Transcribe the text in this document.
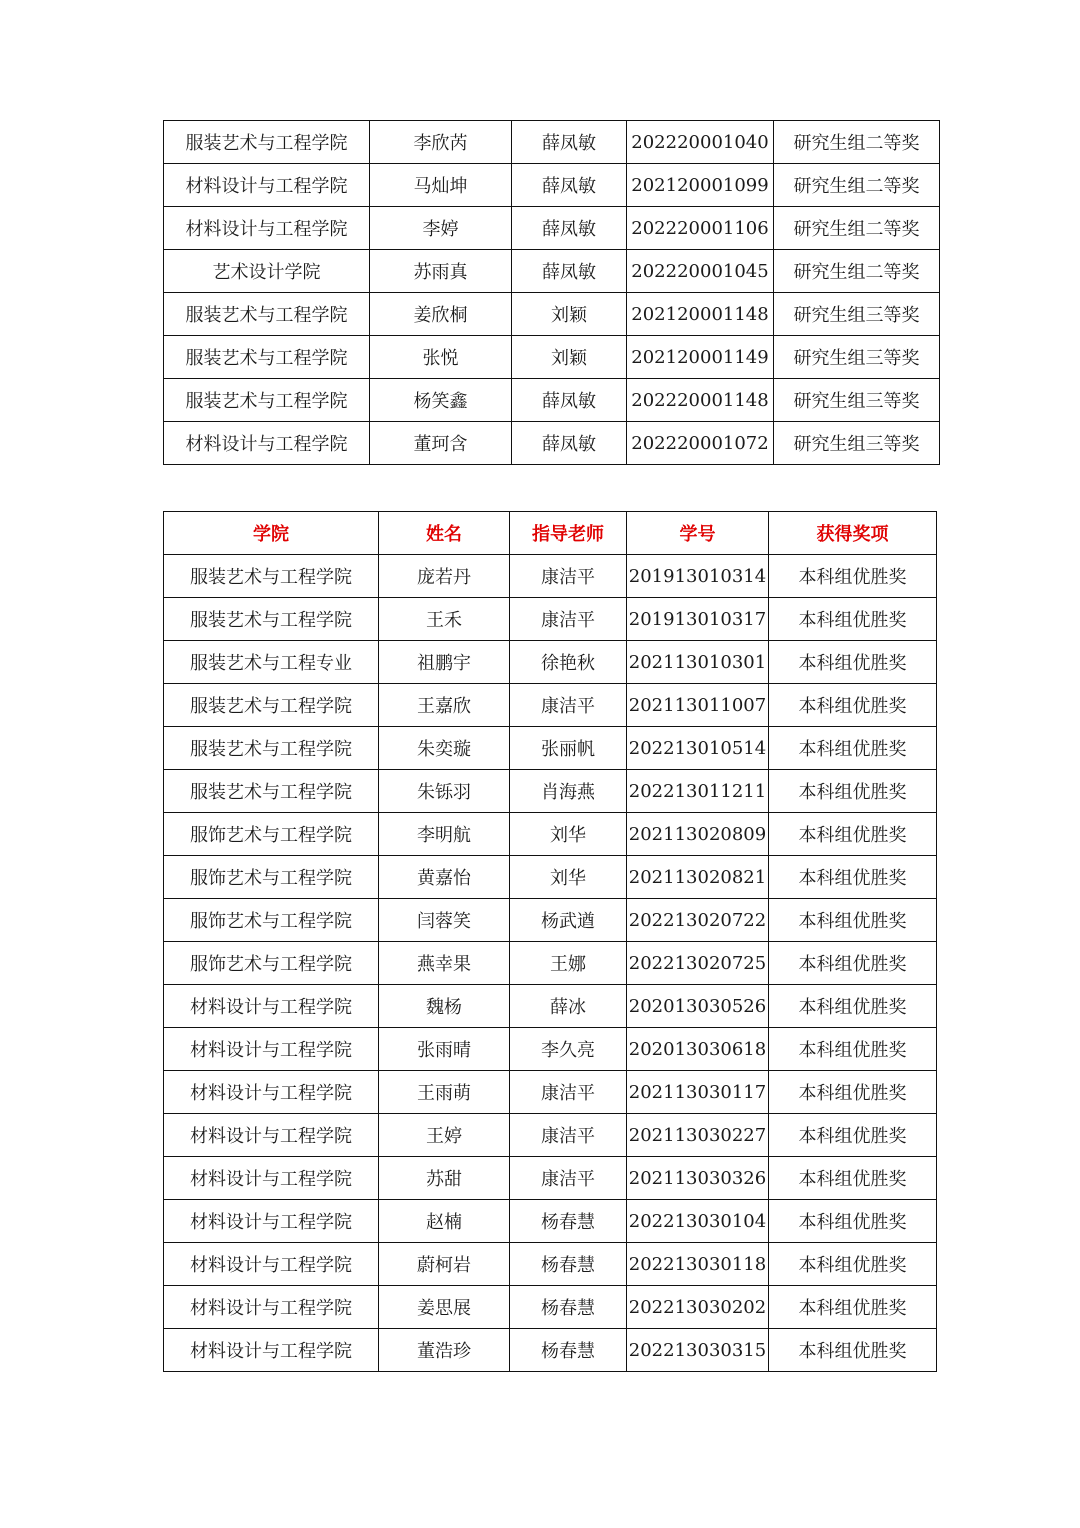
服装艺术与工程学院	李欣芮	薛凤敏	202220001040	研究生组二等奖
材料设计与工程学院	马灿坤	薛凤敏	202120001099	研究生组二等奖
材料设计与工程学院	李婷	薛凤敏	202220001106	研究生组二等奖
艺术设计学院	苏雨真	薛凤敏	202220001045	研究生组二等奖
服装艺术与工程学院	姜欣桐	刘颖	202120001148	研究生组三等奖
服装艺术与工程学院	张悦	刘颖	202120001149	研究生组三等奖
服装艺术与工程学院	杨笑鑫	薛凤敏	202220001148	研究生组三等奖
材料设计与工程学院	董珂含	薛凤敏	202220001072	研究生组三等奖
学院	姓名	指导老师	学号	获得奖项
服装艺术与工程学院	庞若丹	康洁平	201913010314	本科组优胜奖
服装艺术与工程学院	王禾	康洁平	201913010317	本科组优胜奖
服装艺术与工程专业	祖鹏宇	徐艳秋	202113010301	本科组优胜奖
服装艺术与工程学院	王嘉欣	康洁平	202113011007	本科组优胜奖
服装艺术与工程学院	朱奕璇	张丽帆	202213010514	本科组优胜奖
服装艺术与工程学院	朱铄羽	肖海燕	202213011211	本科组优胜奖
服饰艺术与工程学院	李明航	刘华	202113020809	本科组优胜奖
服饰艺术与工程学院	黄嘉怡	刘华	202113020821	本科组优胜奖
服饰艺术与工程学院	闫蓉笑	杨武遒	202213020722	本科组优胜奖
服饰艺术与工程学院	燕幸果	王娜	202213020725	本科组优胜奖
材料设计与工程学院	魏杨	薛冰	202013030526	本科组优胜奖
材料设计与工程学院	张雨晴	李久亮	202013030618	本科组优胜奖
材料设计与工程学院	王雨萌	康洁平	202113030117	本科组优胜奖
材料设计与工程学院	王婷	康洁平	202113030227	本科组优胜奖
材料设计与工程学院	苏甜	康洁平	202113030326	本科组优胜奖
材料设计与工程学院	赵楠	杨春慧	202213030104	本科组优胜奖
材料设计与工程学院	蔚柯岩	杨春慧	202213030118	本科组优胜奖
材料设计与工程学院	姜思展	杨春慧	202213030202	本科组优胜奖
材料设计与工程学院	董浩珍	杨春慧	202213030315	本科组优胜奖
